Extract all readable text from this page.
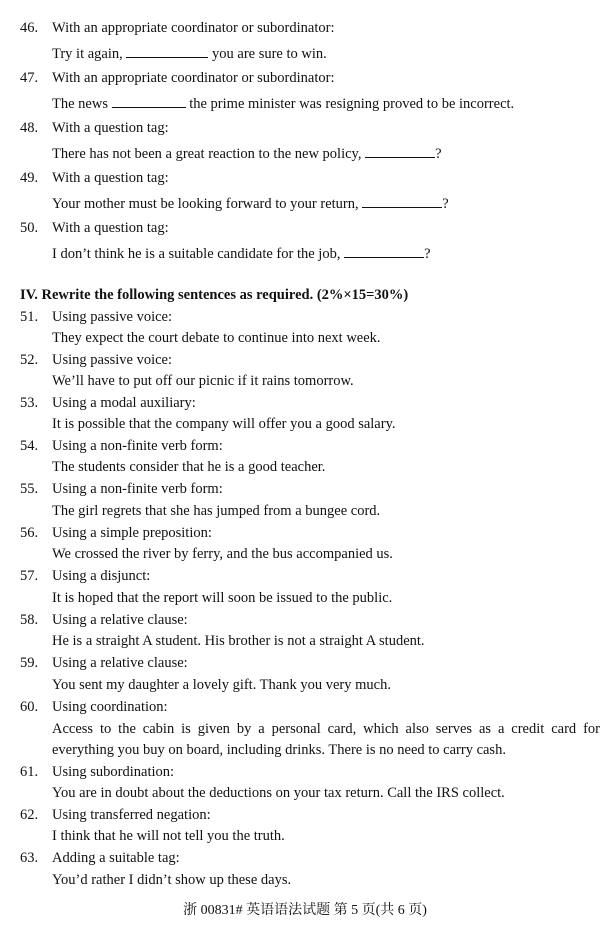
46. With an appropriate coordinator or subordinator:
Try it again,	you are sure to win.
47. With an appropriate coordinator or subordinator:
The news	the prime minister was resigning proved to be incorrect.
48. With a question tag:
There has not been a great reaction to the new policy,	?
49. With a question tag:
Your mother must be looking forward to your return,	?
50. With a question tag:
I don’t think he is a suitable candidate for the job,	?
IV. Rewrite the following sentences as required. (2%×15=30%)
51. Using passive voice:
They expect the court debate to continue into next week.
52. Using passive voice:
We’ll have to put off our picnic if it rains tomorrow.
53. Using a modal auxiliary:
It is possible that the company will offer you a good salary.
54. Using a non-finite verb form:
The students consider that he is a good teacher.
55. Using a non-finite verb form:
The girl regrets that she has jumped from a bungee cord.
56. Using a simple preposition:
We crossed the river by ferry, and the bus accompanied us.
57. Using a disjunct:
It is hoped that the report will soon be issued to the public.
58. Using a relative clause:
He is a straight A student. His brother is not a straight A student.
59. Using a relative clause:
You sent my daughter a lovely gift. Thank you very much.
60. Using coordination:
Access to the cabin is given by a personal card, which also serves as a credit card for everything you buy on board, including drinks. There is no need to carry cash.
61. Using subordination:
You are in doubt about the deductions on your tax return. Call the IRS collect.
62. Using transferred negation:
I think that he will not tell you the truth.
63. Adding a suitable tag:
You’d rather I didn’t show up these days.
浙 00831# 英语语法试题 第 5 页(共 6 页)
